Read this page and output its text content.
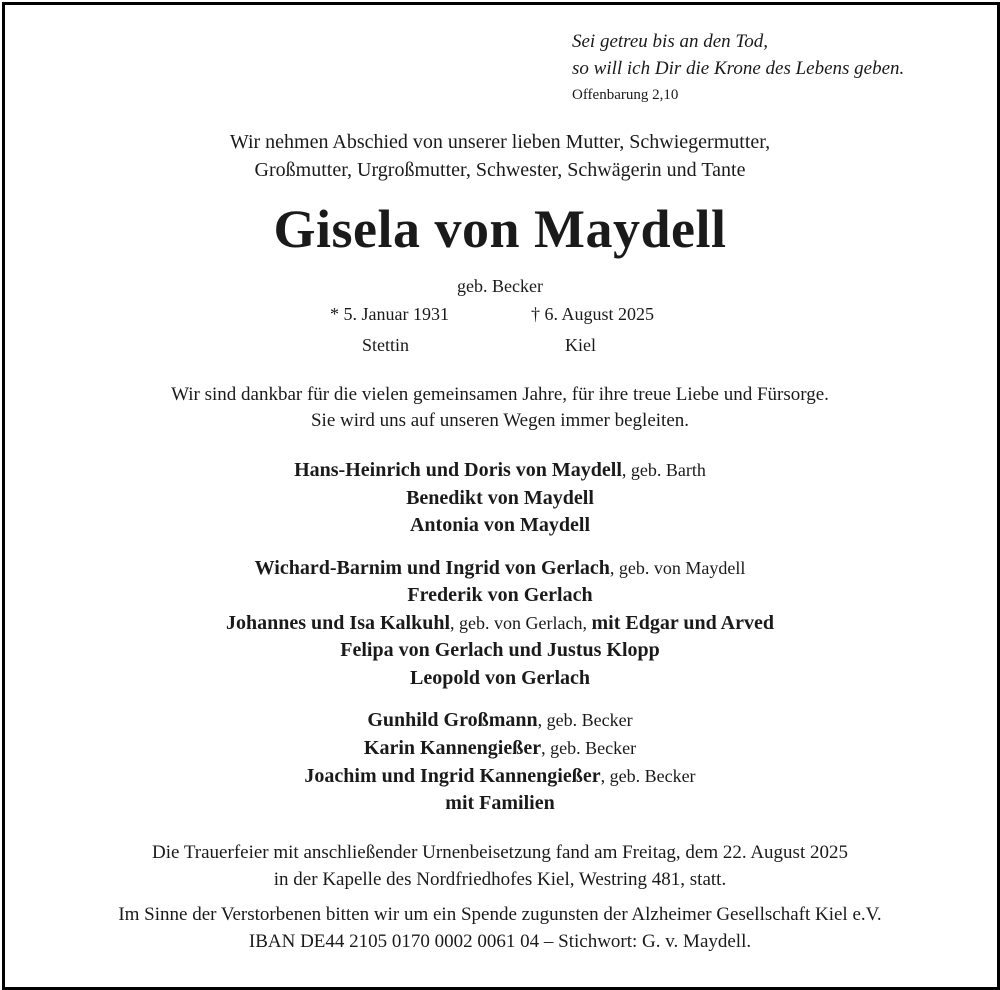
Sei getreu bis an den Tod,
so will ich Dir die Krone des Lebens geben.
Offenbarung 2,10
Wir nehmen Abschied von unserer lieben Mutter, Schwiegermutter,
Großmutter, Urgroßmutter, Schwester, Schwägerin und Tante
Gisela von Maydell
geb. Becker
* 5. Januar 1931	† 6. August 2025
Stettin	Kiel
Wir sind dankbar für die vielen gemeinsamen Jahre, für ihre treue Liebe und Fürsorge.
Sie wird uns auf unseren Wegen immer begleiten.
Hans-Heinrich und Doris von Maydell, geb. Barth
Benedikt von Maydell
Antonia von Maydell
Wichard-Barnim und Ingrid von Gerlach, geb. von Maydell
Frederik von Gerlach
Johannes und Isa Kalkuhl, geb. von Gerlach, mit Edgar und Arved
Felipa von Gerlach und Justus Klopp
Leopold von Gerlach
Gunhild Großmann, geb. Becker
Karin Kannengießer, geb. Becker
Joachim und Ingrid Kannengießer, geb. Becker
mit Familien
Die Trauerfeier mit anschließender Urnenbeisetzung fand am Freitag, dem 22. August 2025
in der Kapelle des Nordfriedhofes Kiel, Westring 481, statt.
Im Sinne der Verstorbenen bitten wir um ein Spende zugunsten der Alzheimer Gesellschaft Kiel e.V.
IBAN DE44 2105 0170 0002 0061 04 – Stichwort: G. v. Maydell.
